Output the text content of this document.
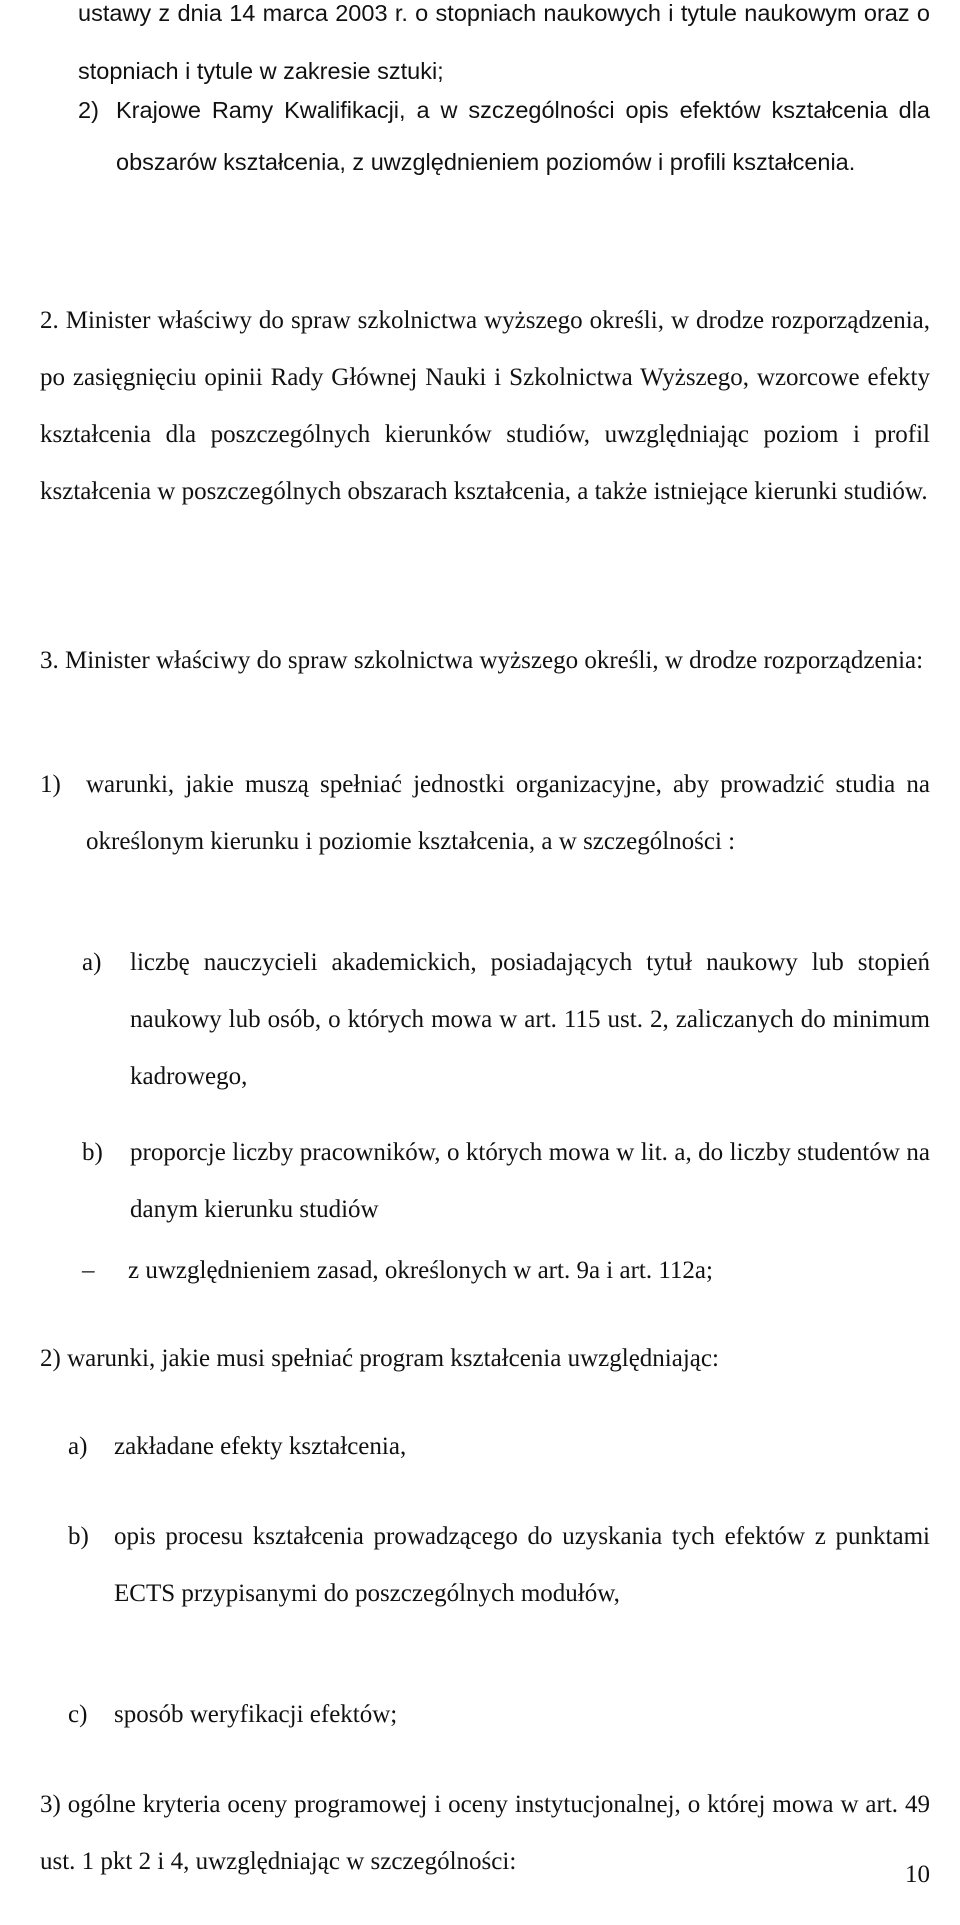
ustawy z dnia 14 marca 2003 r. o stopniach naukowych i tytule naukowym oraz o stopniach i tytule w zakresie sztuki;

2) Krajowe Ramy Kwalifikacji, a w szczególności opis efektów kształcenia dla obszarów kształcenia, z uwzględnieniem poziomów i profili kształcenia.

2. Minister właściwy do spraw szkolnictwa wyższego określi, w drodze rozporządzenia, po zasięgnięciu opinii Rady Głównej Nauki i Szkolnictwa Wyższego, wzorcowe efekty kształcenia dla poszczególnych kierunków studiów, uwzględniając poziom i profil kształcenia w poszczególnych obszarach kształcenia, a także istniejące kierunki studiów.

3. Minister właściwy do spraw szkolnictwa wyższego określi, w drodze rozporządzenia:

1)	warunki, jakie muszą spełniać jednostki organizacyjne, aby prowadzić studia na określonym kierunku i poziomie kształcenia, a w szczególności :
a)	liczbę nauczycieli akademickich, posiadających tytuł naukowy lub stopień naukowy lub osób, o których mowa w art. 115 ust. 2, zaliczanych do minimum kadrowego,
b)	proporcje liczby pracowników, o których mowa w lit. a, do liczby studentów na danym kierunku studiów
–	z uwzględnieniem zasad, określonych w art. 9a i art. 112a;

2) warunki, jakie musi spełniać program kształcenia uwzględniając:

a)	zakładane efekty kształcenia,
b)	opis procesu kształcenia prowadzącego do uzyskania tych efektów z punktami ECTS przypisanymi do poszczególnych modułów,
c)	sposób weryfikacji efektów;

3) ogólne kryteria oceny programowej i oceny instytucjonalnej, o której mowa w art. 49 ust. 1 pkt 2 i 4, uwzględniając w szczególności:	10
